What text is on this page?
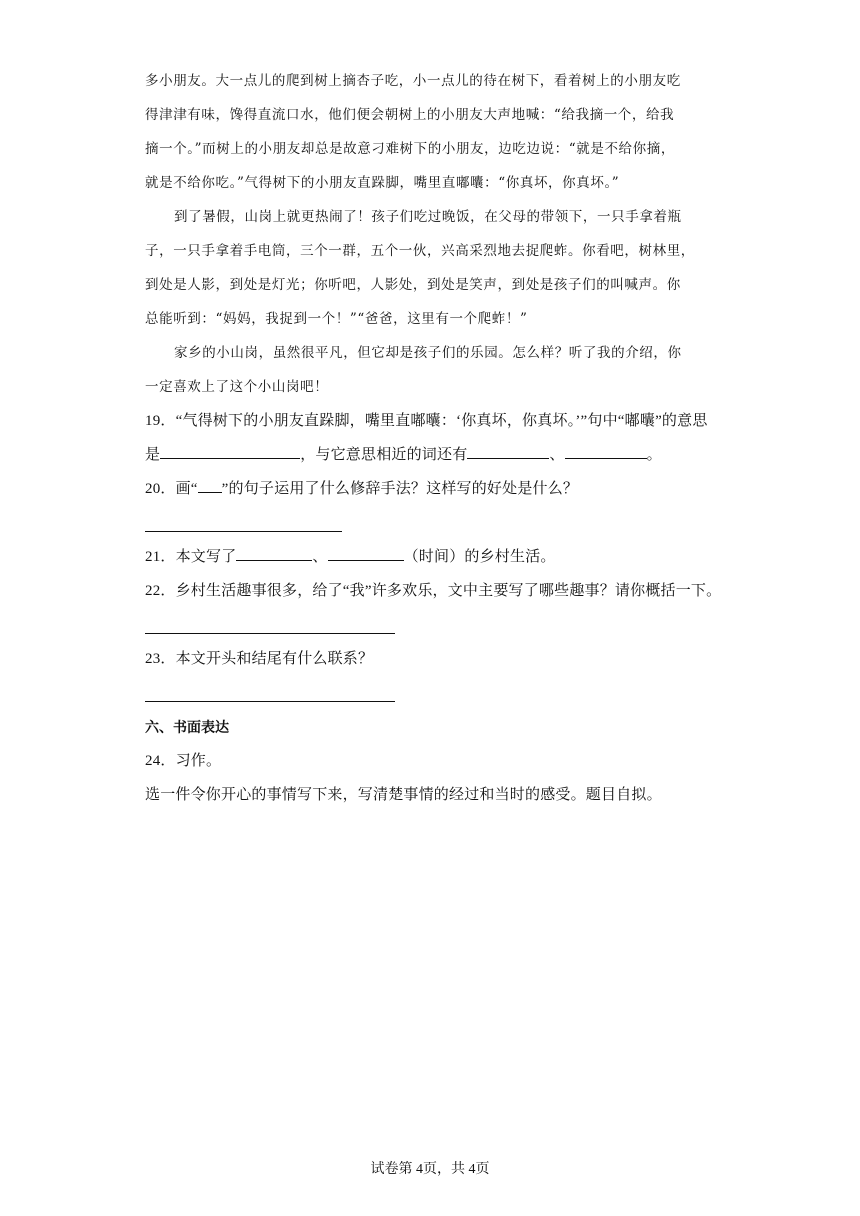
多小朋友。大一点儿的爬到树上摘杏子吃，小一点儿的待在树下，看着树上的小朋友吃
得津津有味，馋得直流口水，他们便会朝树上的小朋友大声地喊：“给我摘一个，给我
摘一个。”而树上的小朋友却总是故意刁难树下的小朋友，边吃边说：“就是不给你摘，
就是不给你吃。”气得树下的小朋友直跺脚，嘴里直嘟囔：“你真坏，你真坏。”
到了暑假，山岗上就更热闹了！孩子们吃过晚饭，在父母的带领下，一只手拿着瓶
子，一只手拿着手电筒，三个一群，五个一伙，兴高采烈地去捉爬蚱。你看吧，树林里，
到处是人影，到处是灯光；你听吧，人影处，到处是笑声，到处是孩子们的叫喊声。你
总能听到：“妈妈，我捉到一个！”“爸爸，这里有一个爬蚱！”
家乡的小山岗，虽然很平凡，但它却是孩子们的乐园。怎么样？听了我的介绍，你
一定喜欢上了这个小山岗吧！
19．“气得树下的小朋友直跺脚，嘴里直嘟囔：‘你真坏，你真坏。’”句中“嘟囔”的意思
是	，与它意思相近的词还有	、	。
20．画“ ”的句子运用了什么修辞手法？这样写的好处是什么？
21．本文写了	、	（时间）的乡村生活。
22．乡村生活趣事很多，给了“我”许多欢乐，文中主要写了哪些趣事？请你概括一下。
23．本文开头和结尾有什么联系？
六、书面表达
24．习作。
选一件令你开心的事情写下来，写清楚事情的经过和当时的感受。题目自拟。
试卷第 4页，共 4页
